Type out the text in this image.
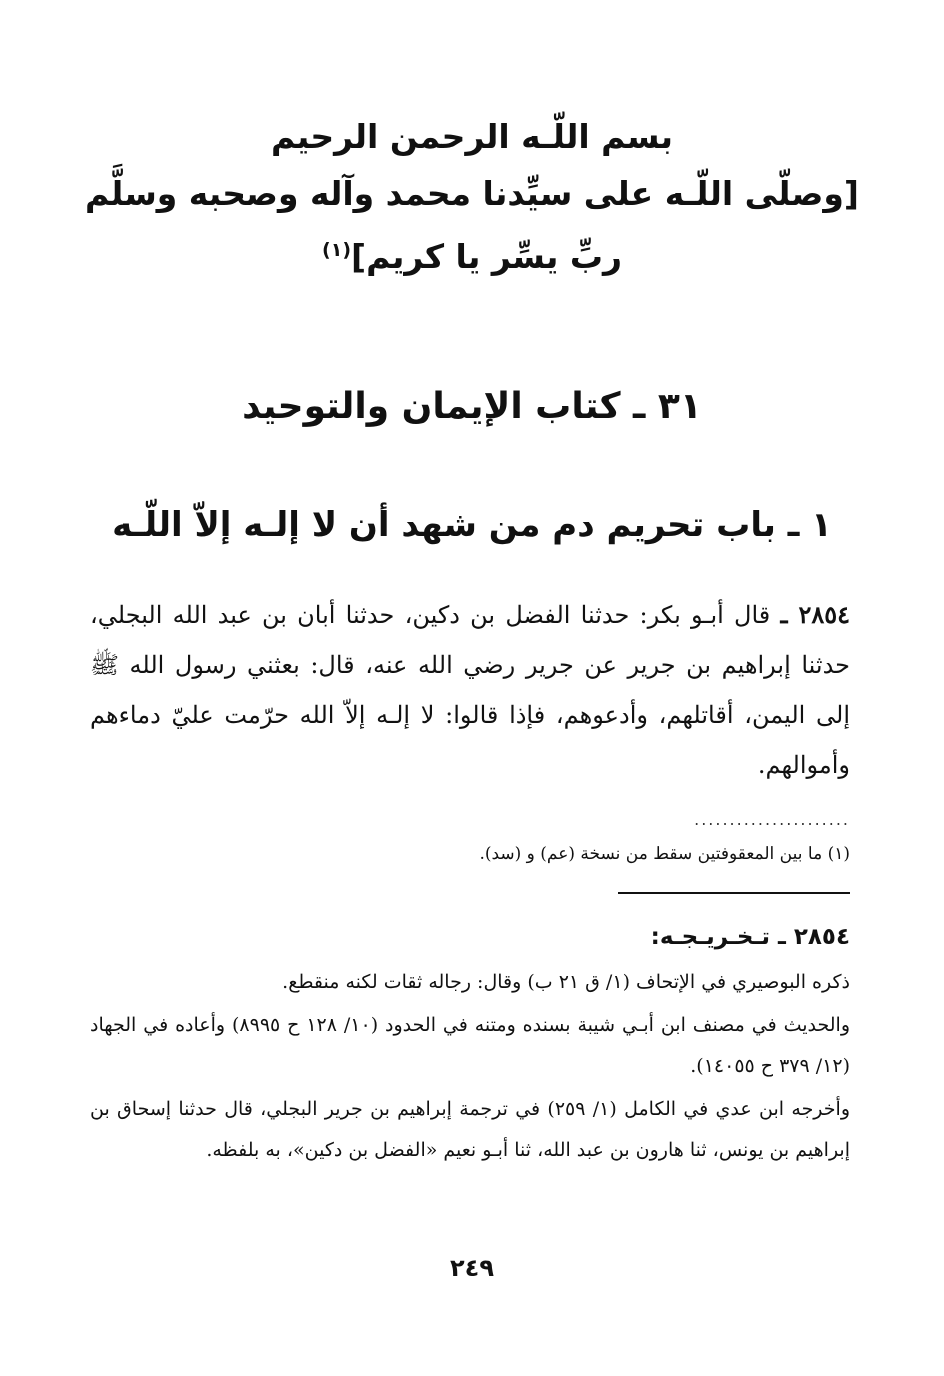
بسم اللّـه الرحمن الرحيم
[وصلّى اللّـه على سيِّدنا محمد وآله وصحبه وسلَّم
ربِّ يسِّر يا كريم]$^{(١)}$
٣١ ـ كتاب الإيمان والتوحيد
١ ـ باب تحريم دم من شهد أن لا إلـه إلاّ اللّـه
٢٨٥٤ ـ قال أبـو بكر: حدثنا الفضل بن دكين، حدثنا أبان بن عبد الله البجلي، حدثنا إبراهيم بن جرير عن جرير رضي الله عنه، قال: بعثني رسول الله ﷺ إلى اليمن، أقاتلهم، وأدعوهم، فإذا قالوا: لا إلـه إلاّ الله حرّمت عليّ دماءهم وأموالهم.
......................
(١) ما بين المعقوفتين سقط من نسخة (عم) و (سد).
٢٨٥٤ ـ تـخـريـجـه:

ذكره البوصيري في الإتحاف (١/ ق ٢١ ب) وقال: رجاله ثقات لكنه منقطع.

والحديث في مصنف ابن أبـي شيبة بسنده ومتنه في الحدود (١٠/ ١٢٨ ح ٨٩٩٥) وأعاده في الجهاد (١٢/ ٣٧٩ ح ١٤٠٥٥).

وأخرجه ابن عدي في الكامل (١/ ٢٥٩) في ترجمة إبراهيم بن جرير البجلي، قال حدثنا إسحاق بن إبراهيم بن يونس، ثنا هارون بن عبد الله، ثنا أبـو نعيم «الفضل بن دكين»، به بلفظه.

٢٤٩
